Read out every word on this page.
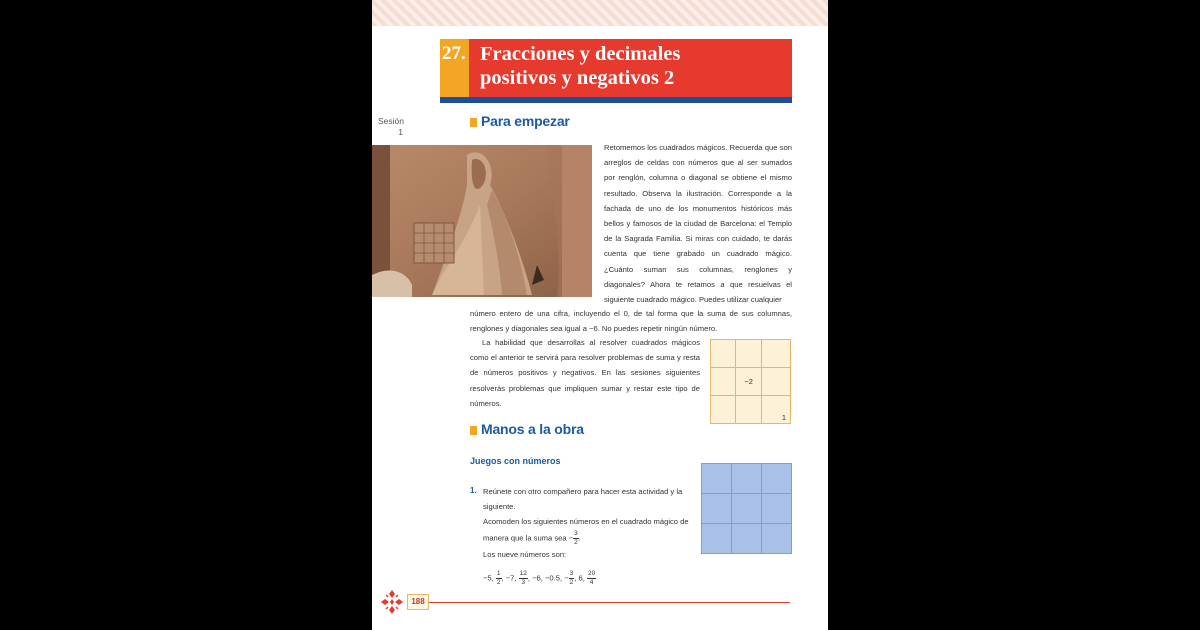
27. Fracciones y decimales
positivos y negativos 2
Sesión
1
Para empezar
Retomemos los cuadrados mágicos. Recuerda que son arreglos de celdas con números que al ser sumados por renglón, columna o diagonal se obtiene el mismo resultado. Observa la ilustración. Corresponde a la fachada de uno de los monumentos históricos más bellos y famosos de la ciudad de Barcelona: el Templo de la Sagrada Familia. Si miras con cuidado, te darás cuenta que tiene grabado un cuadrado mágico. ¿Cuánto suman sus columnas, renglones y diagonales? Ahora te retamos a que resuelvas el siguiente cuadrado mágico. Puedes utilizar cualquier
número entero de una cifra, incluyendo el 0, de tal forma que la suma de sus columnas, renglones y diagonales sea igual a −6. No puedes repetir ningún número.
La habilidad que desarrollas al resolver cuadrados mágicos como el anterior te servirá para resolver problemas de suma y resta de números positivos y negativos. En las sesiones siguientes resolverás problemas que impliquen sumar y restar este tipo de números.

	−2	
		1
Manos a la obra
Juegos con números

1. Reúnete con otro compañero para hacer esta actividad y la siguiente.
Acomoden los siguientes números en el cuadrado mágico de manera que la suma sea − $\frac{3}{2}$ .
Los nueve números son:
−5, $\frac{1}{2}$ , −7, $\frac{12}{3}$ , −6, −0.5, − $\frac{3}{2}$ , 6, $\frac{20}{4}$
188
